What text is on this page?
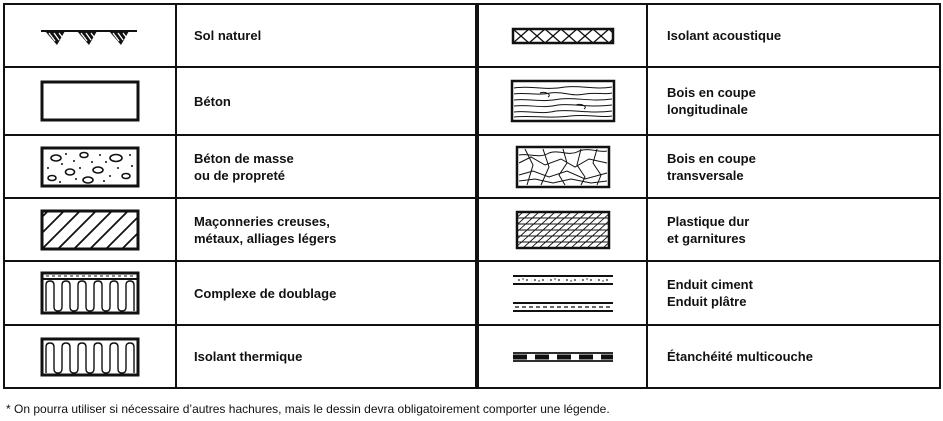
Sol naturel	Isolant acoustique
Béton
Bois en coupe
longitudinale
Béton de masse
ou de propreté
Bois en coupe
transversale
Maçonneries creuses,
métaux, alliages légers
Plastique dur
et garnitures
Complexe de doublage
Enduit ciment
Enduit plâtre
Isolant thermique	Étanchéité multicouche
* On pourra utiliser si nécessaire d’autres hachures, mais le dessin devra obligatoirement comporter une légende.
